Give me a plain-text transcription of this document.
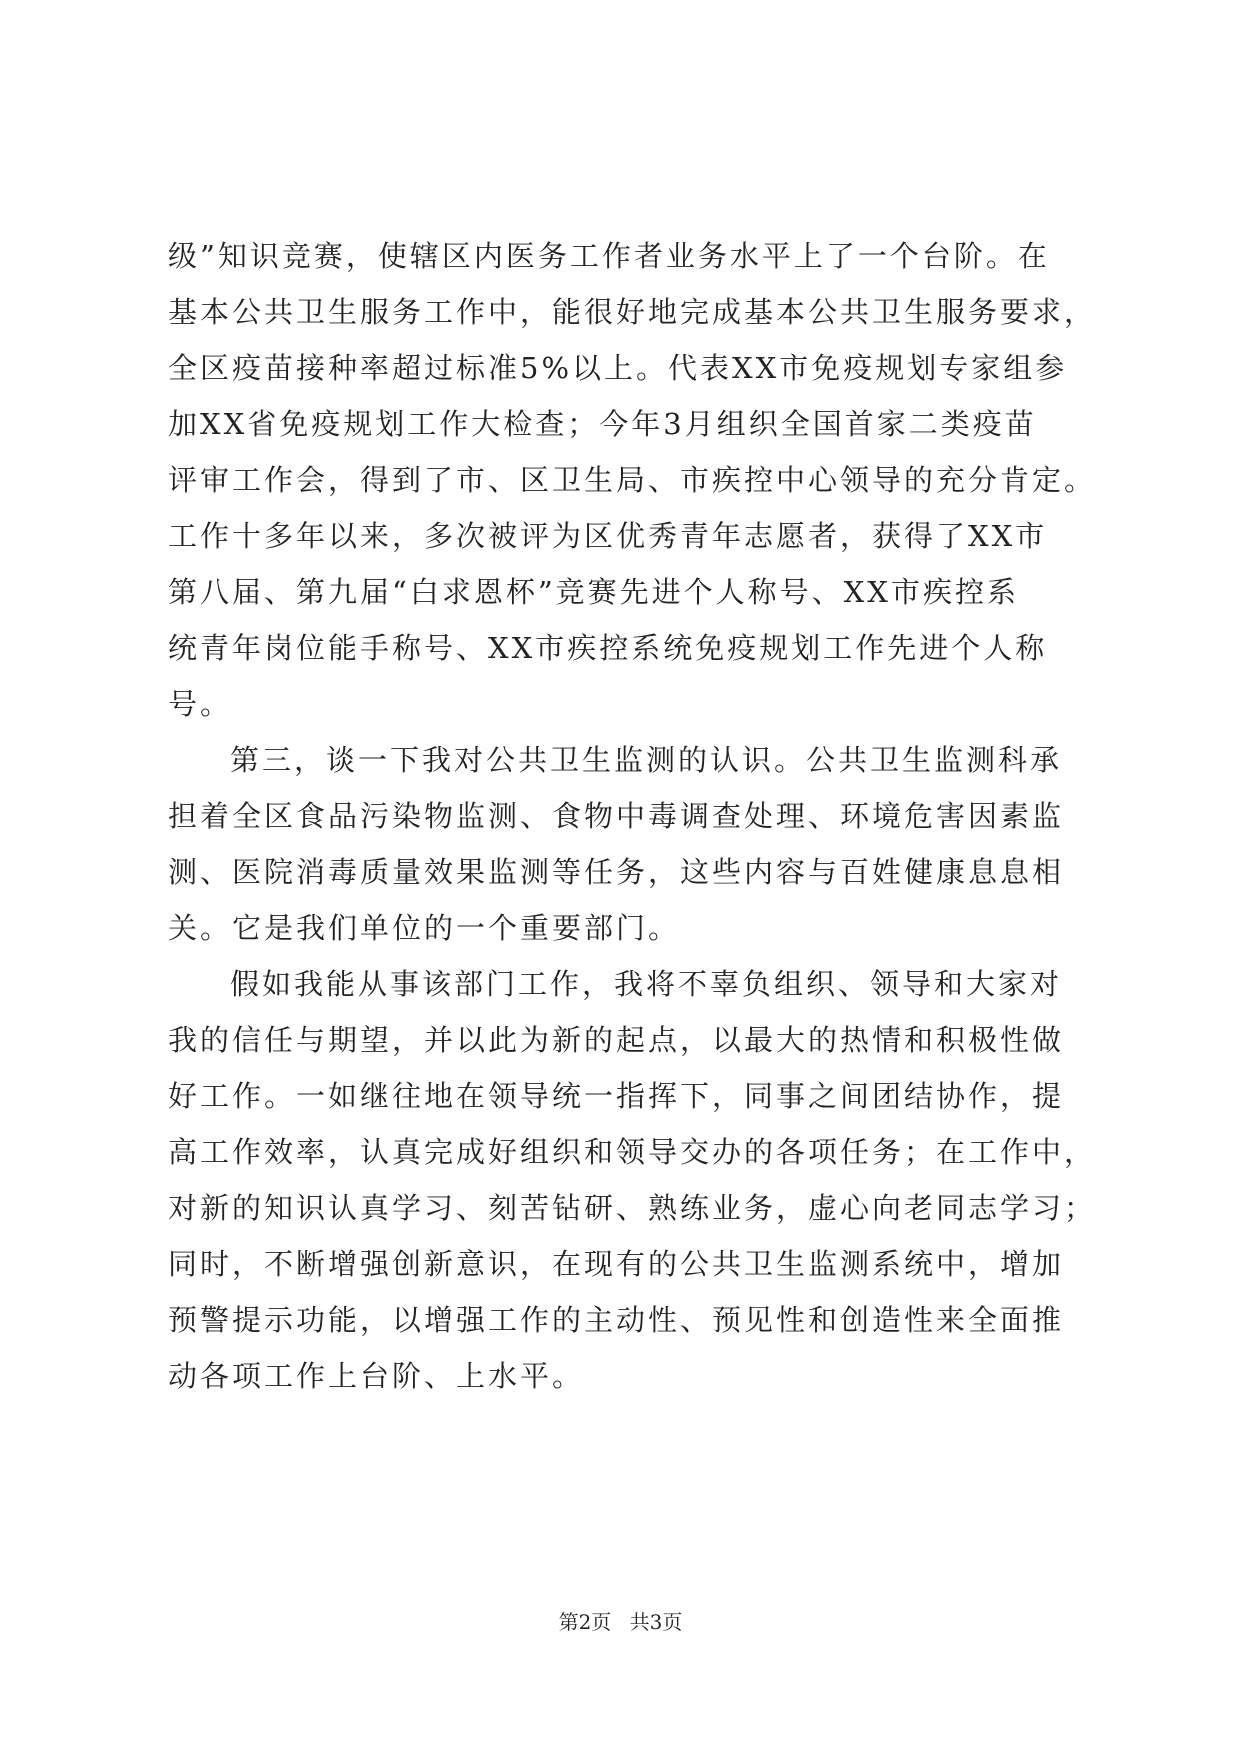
级”知识竞赛，使辖区内医务工作者业务水平上了一个台阶。在
基本公共卫生服务工作中，能很好地完成基本公共卫生服务要求，
全区疫苗接种率超过标准5%以上。代表XX市免疫规划专家组参
加XX省免疫规划工作大检查；今年3月组织全国首家二类疫苗
评审工作会，得到了市、区卫生局、市疾控中心领导的充分肯定。
工作十多年以来，多次被评为区优秀青年志愿者，获得了XX市
第八届、第九届“白求恩杯”竞赛先进个人称号、XX市疾控系
统青年岗位能手称号、XX市疾控系统免疫规划工作先进个人称
号。
第三，谈一下我对公共卫生监测的认识。公共卫生监测科承
担着全区食品污染物监测、食物中毒调查处理、环境危害因素监
测、医院消毒质量效果监测等任务，这些内容与百姓健康息息相
关。它是我们单位的一个重要部门。
假如我能从事该部门工作，我将不辜负组织、领导和大家对
我的信任与期望，并以此为新的起点，以最大的热情和积极性做
好工作。一如继往地在领导统一指挥下，同事之间团结协作，提
高工作效率，认真完成好组织和领导交办的各项任务；在工作中，
对新的知识认真学习、刻苦钻研、熟练业务，虚心向老同志学习；
同时，不断增强创新意识，在现有的公共卫生监测系统中，增加
预警提示功能，以增强工作的主动性、预见性和创造性来全面推
动各项工作上台阶、上水平。
第2页 共3页
